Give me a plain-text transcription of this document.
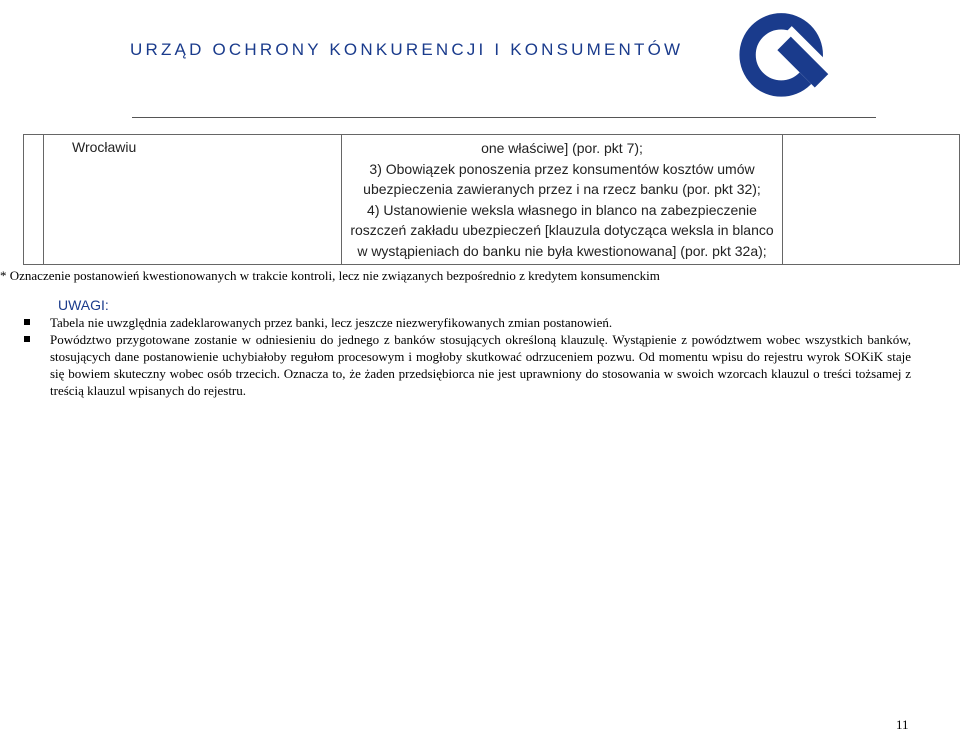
URZĄD OCHRONY KONKURENCJI I KONSUMENTÓW
	Wrocławiu	one właściwe] (por. pkt 7);
3) Obowiązek ponoszenia przez konsumentów kosztów umów
ubezpieczenia zawieranych przez i na rzecz banku (por. pkt 32);
4) Ustanowienie weksla własnego in blanco na zabezpieczenie
roszczeń zakładu ubezpieczeń [klauzula dotycząca weksla in blanco
w wystąpieniach do banku nie była kwestionowana] (por. pkt 32a);

* Oznaczenie postanowień kwestionowanych w trakcie kontroli, lecz nie związanych bezpośrednio z kredytem konsumenckim
UWAGI:
Tabela nie uwzględnia zadeklarowanych przez banki, lecz jeszcze niezweryfikowanych zmian postanowień.
Powództwo przygotowane zostanie w odniesieniu do jednego z banków stosujących określoną klauzulę. Wystąpienie z powództwem wobec wszystkich banków, stosujących dane postanowienie uchybiałoby regułom procesowym i mogłoby skutkować odrzuceniem pozwu. Od momentu wpisu do rejestru wyrok SOKiK staje się bowiem skuteczny wobec osób trzecich. Oznacza to, że żaden przedsiębiorca nie jest uprawniony do stosowania w swoich wzorcach klauzul o treści tożsamej z treścią klauzul wpisanych do rejestru.
11
